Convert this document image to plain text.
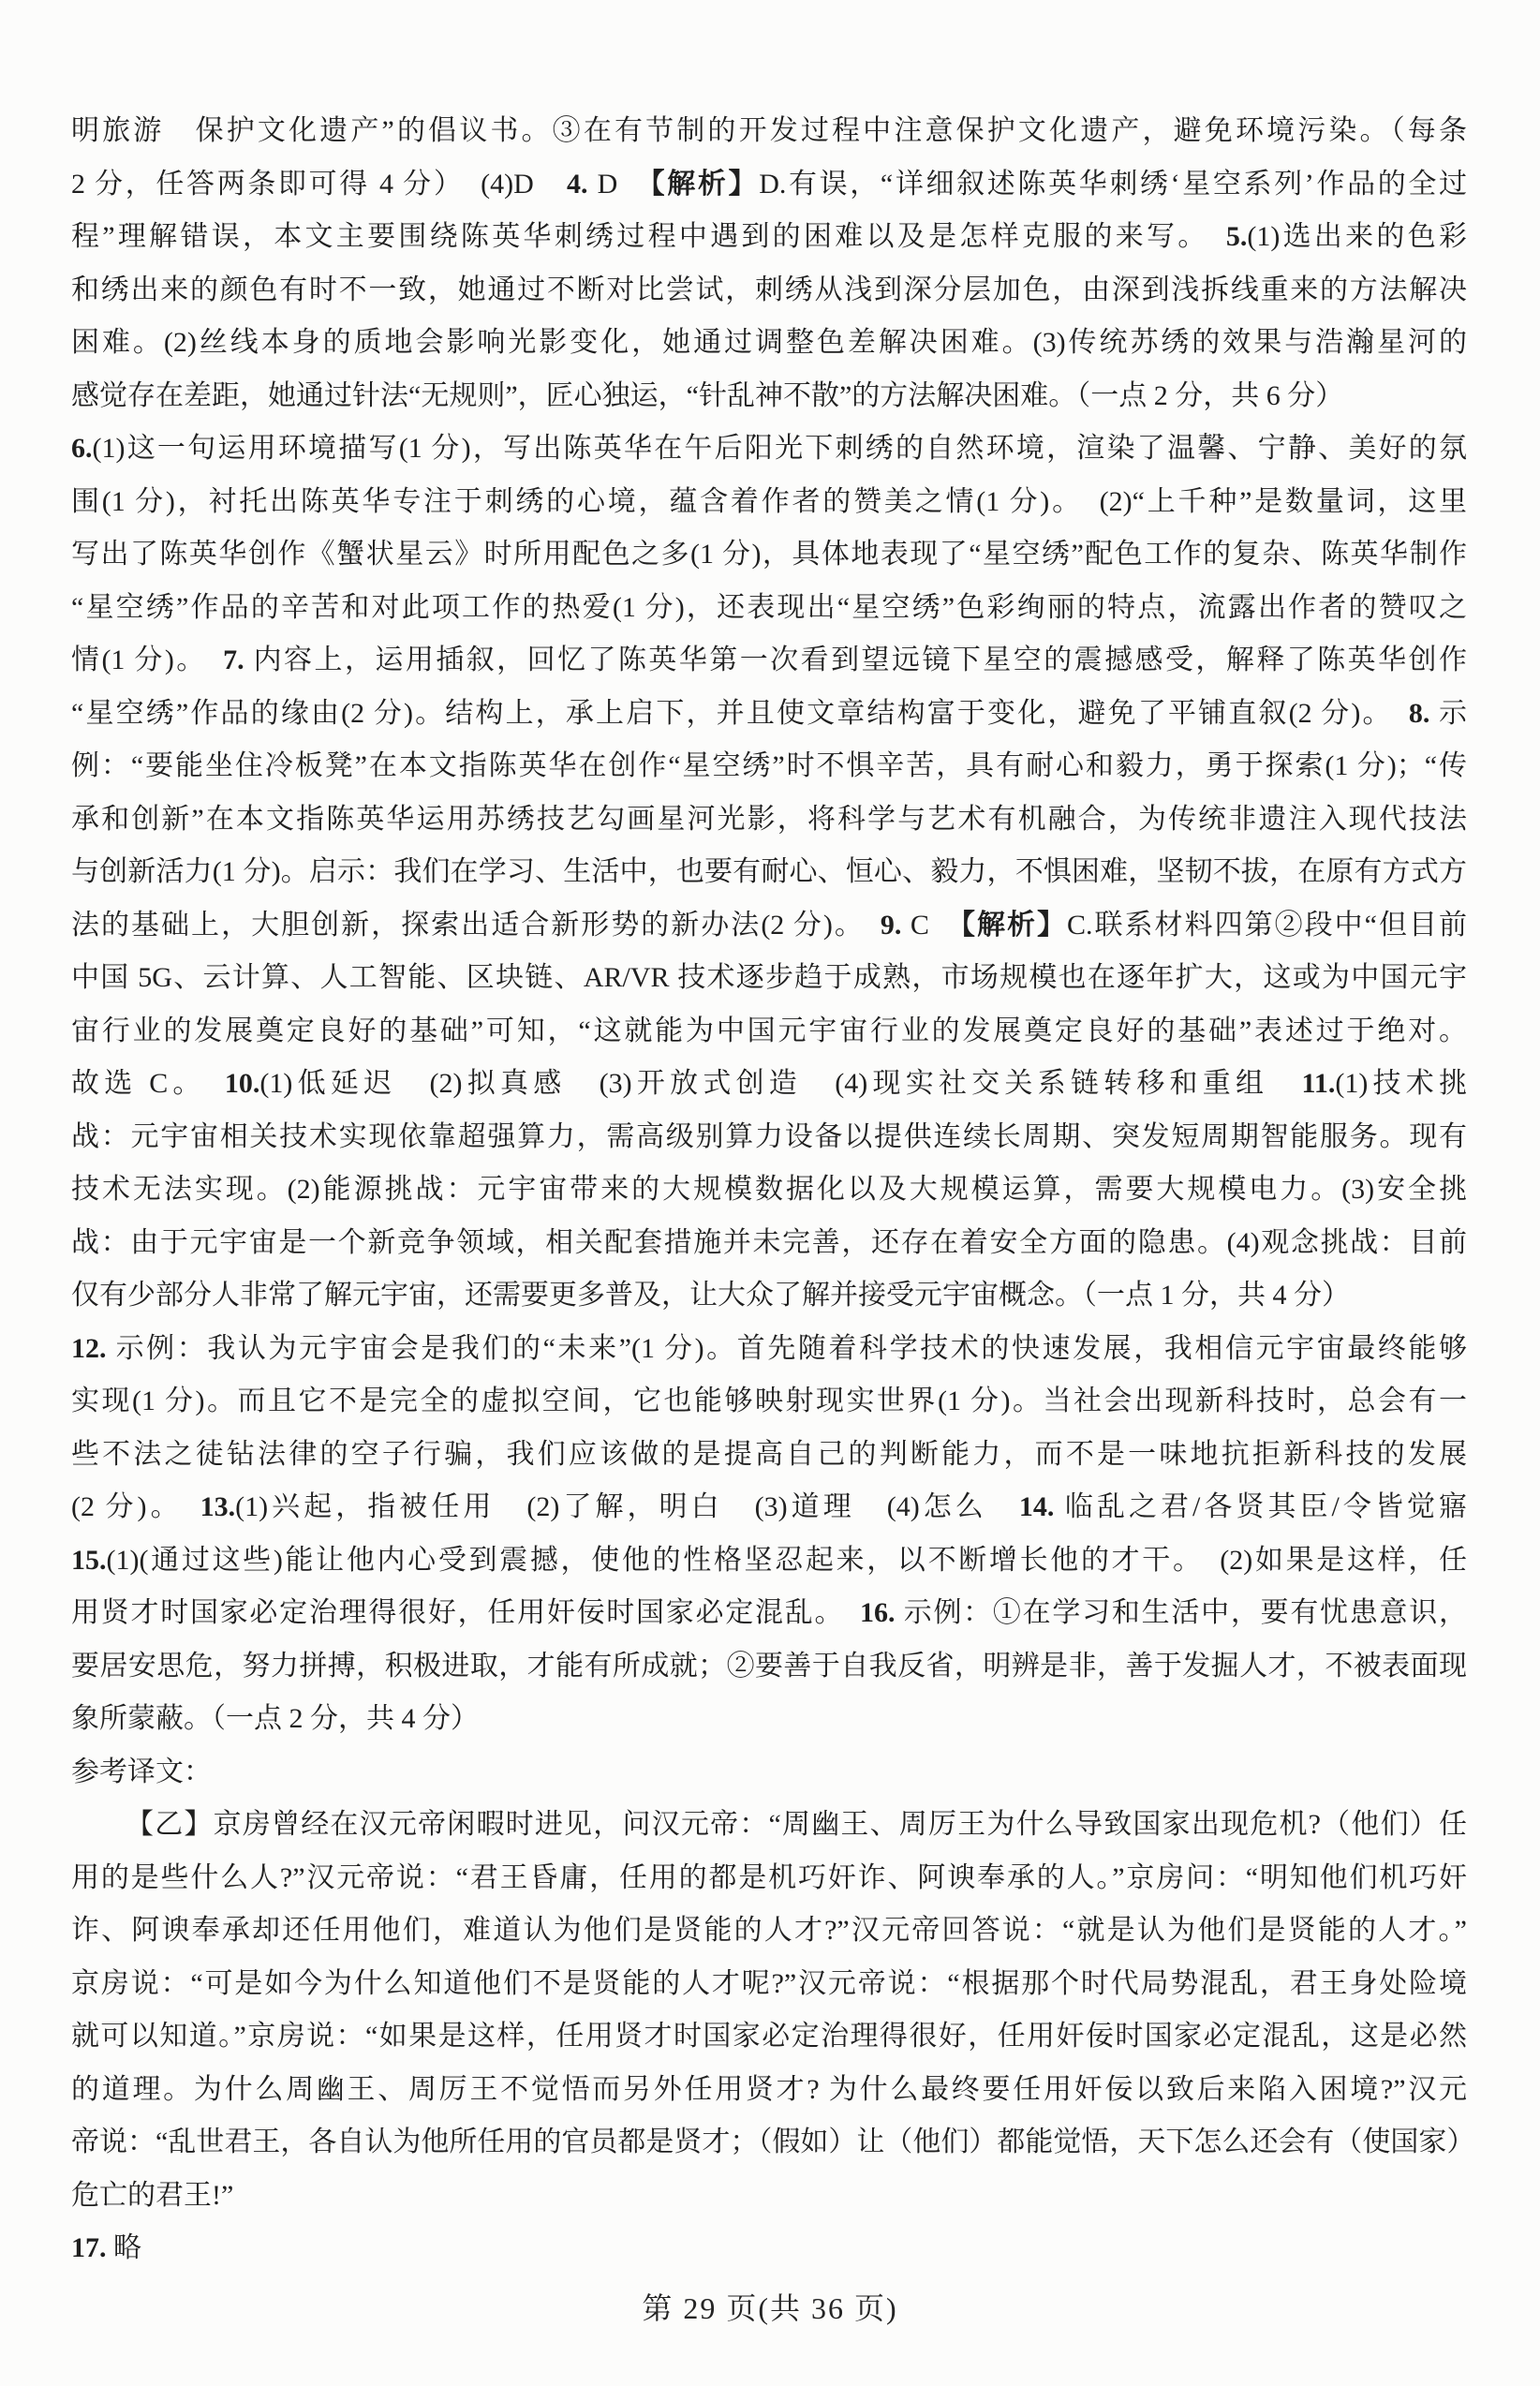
明旅游　保护文化遗产”的倡议书。③在有节制的开发过程中注意保护文化遗产，避免环境污染。（每条
2 分，任答两条即可得 4 分）　(4)D　4. D　【解析】D.有误，“详细叙述陈英华刺绣‘星空系列’作品的全过
程”理解错误，本文主要围绕陈英华刺绣过程中遇到的困难以及是怎样克服的来写。　5.(1)选出来的色彩
和绣出来的颜色有时不一致，她通过不断对比尝试，刺绣从浅到深分层加色，由深到浅拆线重来的方法解决
困难。(2)丝线本身的质地会影响光影变化，她通过调整色差解决困难。(3)传统苏绣的效果与浩瀚星河的
感觉存在差距，她通过针法“无规则”，匠心独运，“针乱神不散”的方法解决困难。（一点 2 分，共 6 分）
6.(1)这一句运用环境描写(1 分)，写出陈英华在午后阳光下刺绣的自然环境，渲染了温馨、宁静、美好的氛
围(1 分)，衬托出陈英华专注于刺绣的心境，蕴含着作者的赞美之情(1 分)。　(2)“上千种”是数量词，这里
写出了陈英华创作《蟹状星云》时所用配色之多(1 分)，具体地表现了“星空绣”配色工作的复杂、陈英华制作
“星空绣”作品的辛苦和对此项工作的热爱(1 分)，还表现出“星空绣”色彩绚丽的特点，流露出作者的赞叹之
情(1 分)。　7. 内容上，运用插叙，回忆了陈英华第一次看到望远镜下星空的震撼感受，解释了陈英华创作
“星空绣”作品的缘由(2 分)。结构上，承上启下，并且使文章结构富于变化，避免了平铺直叙(2 分)。　8. 示
例：“要能坐住冷板凳”在本文指陈英华在创作“星空绣”时不惧辛苦，具有耐心和毅力，勇于探索(1 分)；“传
承和创新”在本文指陈英华运用苏绣技艺勾画星河光影，将科学与艺术有机融合，为传统非遗注入现代技法
与创新活力(1 分)。启示：我们在学习、生活中，也要有耐心、恒心、毅力，不惧困难，坚韧不拔，在原有方式方
法的基础上，大胆创新，探索出适合新形势的新办法(2 分)。　9. C　【解析】C.联系材料四第②段中“但目前
中国 5G、云计算、人工智能、区块链、AR/VR 技术逐步趋于成熟，市场规模也在逐年扩大，这或为中国元宇
宙行业的发展奠定良好的基础”可知，“这就能为中国元宇宙行业的发展奠定良好的基础”表述过于绝对。
故选 C。　10.(1)低延迟　(2)拟真感　(3)开放式创造　(4)现实社交关系链转移和重组　11.(1)技术挑
战：元宇宙相关技术实现依靠超强算力，需高级别算力设备以提供连续长周期、突发短周期智能服务。现有
技术无法实现。(2)能源挑战：元宇宙带来的大规模数据化以及大规模运算，需要大规模电力。(3)安全挑
战：由于元宇宙是一个新竞争领域，相关配套措施并未完善，还存在着安全方面的隐患。(4)观念挑战：目前
仅有少部分人非常了解元宇宙，还需要更多普及，让大众了解并接受元宇宙概念。（一点 1 分，共 4 分）
12. 示例：我认为元宇宙会是我们的“未来”(1 分)。首先随着科学技术的快速发展，我相信元宇宙最终能够
实现(1 分)。而且它不是完全的虚拟空间，它也能够映射现实世界(1 分)。当社会出现新科技时，总会有一
些不法之徒钻法律的空子行骗，我们应该做的是提高自己的判断能力，而不是一味地抗拒新科技的发展
(2 分)。　13.(1)兴起，指被任用　(2)了解，明白　(3)道理　(4)怎么　14. 临乱之君/各贤其臣/令皆觉寤
15.(1)(通过这些)能让他内心受到震撼，使他的性格坚忍起来，以不断增长他的才干。　(2)如果是这样，任
用贤才时国家必定治理得很好，任用奸佞时国家必定混乱。　16. 示例：①在学习和生活中，要有忧患意识，
要居安思危，努力拼搏，积极进取，才能有所成就；②要善于自我反省，明辨是非，善于发掘人才，不被表面现
象所蒙蔽。（一点 2 分，共 4 分）
参考译文：
【乙】京房曾经在汉元帝闲暇时进见，问汉元帝：“周幽王、周厉王为什么导致国家出现危机?（他们）任
用的是些什么人?”汉元帝说：“君王昏庸，任用的都是机巧奸诈、阿谀奉承的人。”京房问：“明知他们机巧奸
诈、阿谀奉承却还任用他们，难道认为他们是贤能的人才?”汉元帝回答说：“就是认为他们是贤能的人才。”
京房说：“可是如今为什么知道他们不是贤能的人才呢?”汉元帝说：“根据那个时代局势混乱，君王身处险境
就可以知道。”京房说：“如果是这样，任用贤才时国家必定治理得很好，任用奸佞时国家必定混乱，这是必然
的道理。为什么周幽王、周厉王不觉悟而另外任用贤才? 为什么最终要任用奸佞以致后来陷入困境?”汉元
帝说：“乱世君王，各自认为他所任用的官员都是贤才；（假如）让（他们）都能觉悟，天下怎么还会有（使国家）
危亡的君王!”
17. 略
第 29 页(共 36 页)
